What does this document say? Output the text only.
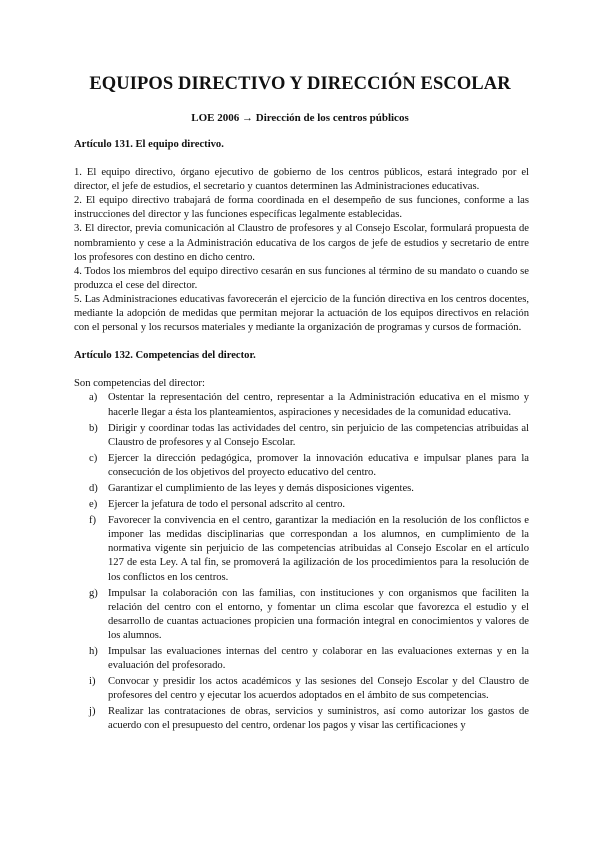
EQUIPOS DIRECTIVO Y DIRECCIÓN ESCOLAR
LOE 2006 → Dirección de los centros públicos

Artículo 131. El equipo directivo.

1. El equipo directivo, órgano ejecutivo de gobierno de los centros públicos, estará integrado por el director, el jefe de estudios, el secretario y cuantos determinen las Administraciones educativas.

2. El equipo directivo trabajará de forma coordinada en el desempeño de sus funciones, conforme a las instrucciones del director y las funciones específicas legalmente establecidas.

3. El director, previa comunicación al Claustro de profesores y al Consejo Escolar, formulará propuesta de nombramiento y cese a la Administración educativa de los cargos de jefe de estudios y secretario de entre los profesores con destino en dicho centro.

4. Todos los miembros del equipo directivo cesarán en sus funciones al término de su mandato o cuando se produzca el cese del director.

5. Las Administraciones educativas favorecerán el ejercicio de la función directiva en los centros docentes, mediante la adopción de medidas que permitan mejorar la actuación de los equipos directivos en relación con el personal y los recursos materiales y mediante la organización de programas y cursos de formación.

Artículo 132. Competencias del director.

Son competencias del director:

a)	Ostentar la representación del centro, representar a la Administración educativa en el mismo y hacerle llegar a ésta los planteamientos, aspiraciones y necesidades de la comunidad educativa.
b) Dirigir y coordinar todas las actividades del centro, sin perjuicio de las competencias atribuidas al Claustro de profesores y al Consejo Escolar.
c)	Ejercer la dirección pedagógica, promover la innovación educativa e impulsar planes para la consecución de los objetivos del proyecto educativo del centro.
d) Garantizar el cumplimiento de las leyes y demás disposiciones vigentes.
e)	Ejercer la jefatura de todo el personal adscrito al centro.
f)	Favorecer la convivencia en el centro, garantizar la mediación en la resolución de los conflictos e imponer las medidas disciplinarias que correspondan a los alumnos, en cumplimiento de la normativa vigente sin perjuicio de las competencias atribuidas al Consejo Escolar en el artículo 127 de esta Ley. A tal fin, se promoverá la agilización de los procedimientos para la resolución de los conflictos en los centros.
g) Impulsar la colaboración con las familias, con instituciones y con organismos que faciliten la relación del centro con el entorno, y fomentar un clima escolar que favorezca el estudio y el desarrollo de cuantas actuaciones propicien una formación integral en conocimientos y valores de los alumnos.
h) Impulsar las evaluaciones internas del centro y colaborar en las evaluaciones externas y en la evaluación del profesorado.
i)	Convocar y presidir los actos académicos y las sesiones del Consejo Escolar y del Claustro de profesores del centro y ejecutar los acuerdos adoptados en el ámbito de sus competencias.
j)	Realizar las contrataciones de obras, servicios y suministros, así como autorizar los gastos de acuerdo con el presupuesto del centro, ordenar los pagos y visar las certificaciones y
